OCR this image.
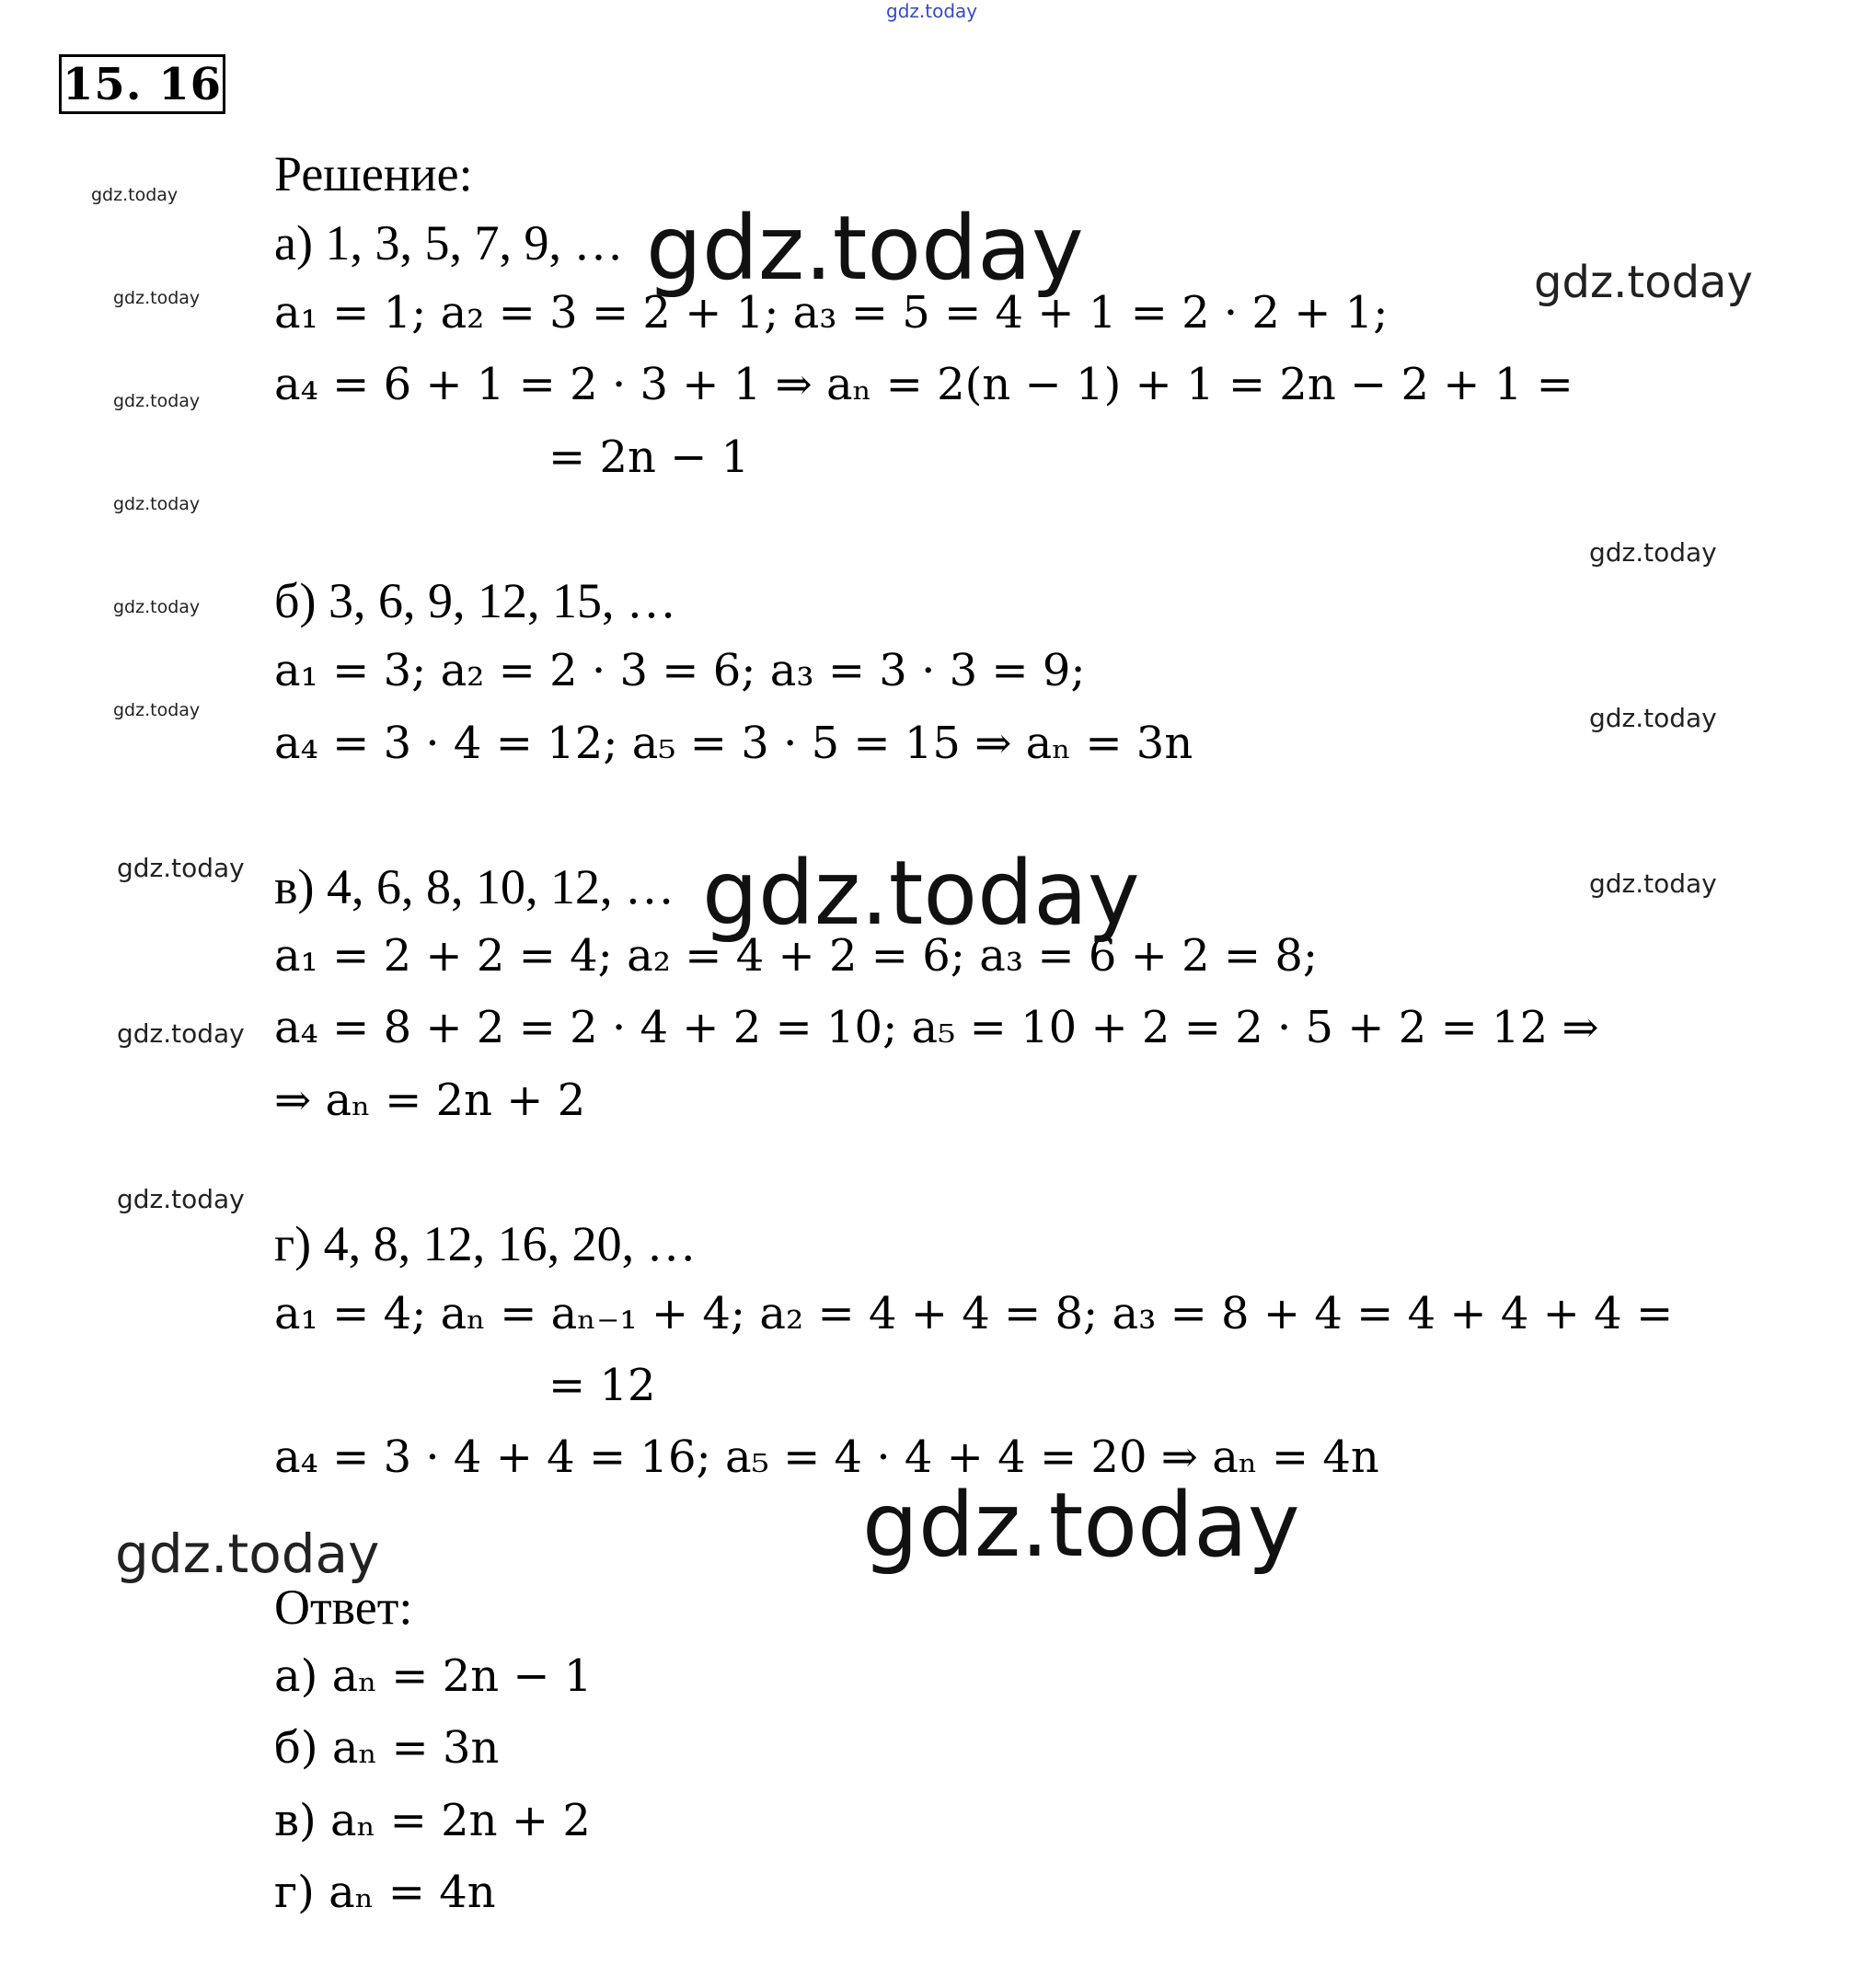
gdz.today
15. 16
Решение:
а) 1, 3, 5, 7, 9, …
a₁ = 1; a₂ = 3 = 2 + 1; a₃ = 5 = 4 + 1 = 2 · 2 + 1;
a₄ = 6 + 1 = 2 · 3 + 1 ⇒ aₙ = 2(n − 1) + 1 = 2n − 2 + 1 =
= 2n − 1
б) 3, 6, 9, 12, 15, …
a₁ = 3; a₂ = 2 · 3 = 6; a₃ = 3 · 3 = 9;
a₄ = 3 · 4 = 12; a₅ = 3 · 5 = 15 ⇒ aₙ = 3n
в) 4, 6, 8, 10, 12, …
a₁ = 2 + 2 = 4; a₂ = 4 + 2 = 6; a₃ = 6 + 2 = 8;
a₄ = 8 + 2 = 2 · 4 + 2 = 10; a₅ = 10 + 2 = 2 · 5 + 2 = 12 ⇒
⇒ aₙ = 2n + 2
г) 4, 8, 12, 16, 20, …
a₁ = 4; aₙ = aₙ₋₁ + 4; a₂ = 4 + 4 = 8; a₃ = 8 + 4 = 4 + 4 + 4 =
= 12
a₄ = 3 · 4 + 4 = 16; a₅ = 4 · 4 + 4 = 20 ⇒ aₙ = 4n
Ответ:
а) aₙ = 2n − 1
б) aₙ = 3n
в) aₙ = 2n + 2
г) aₙ = 4n
gdz.today
gdz.today
gdz.today
gdz.today
gdz.today
gdz.today
gdz.today
gdz.today
gdz.today
gdz.today
gdz.today
gdz.today
gdz.today
gdz.today
gdz.today
gdz.today
gdz.today
